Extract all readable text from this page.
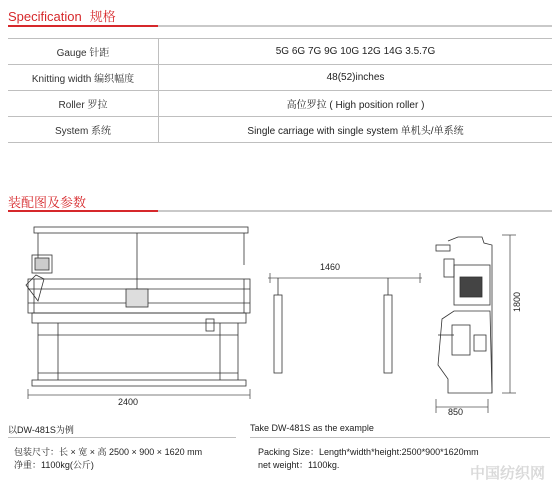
Specification 规格
Gauge 针距	5G 6G 7G 9G 10G 12G 14G 3.5.7G
Knitting width 编织幅度	48(52)inches
Roller 罗拉	高位罗拉 ( High position roller )
System 系统	Single carriage with single system 单机头/单系统
装配图及参数
2400
1460
1800
850
以DW-481S为例
包装尺寸：长 × 宽 × 高 2500 × 900 × 1620 mm
净重：1100kg(公斤)
Take DW-481S as the example
Packing Size：Length*width*height:2500*900*1620mm
net weight：1100kg.	中国纺织网
